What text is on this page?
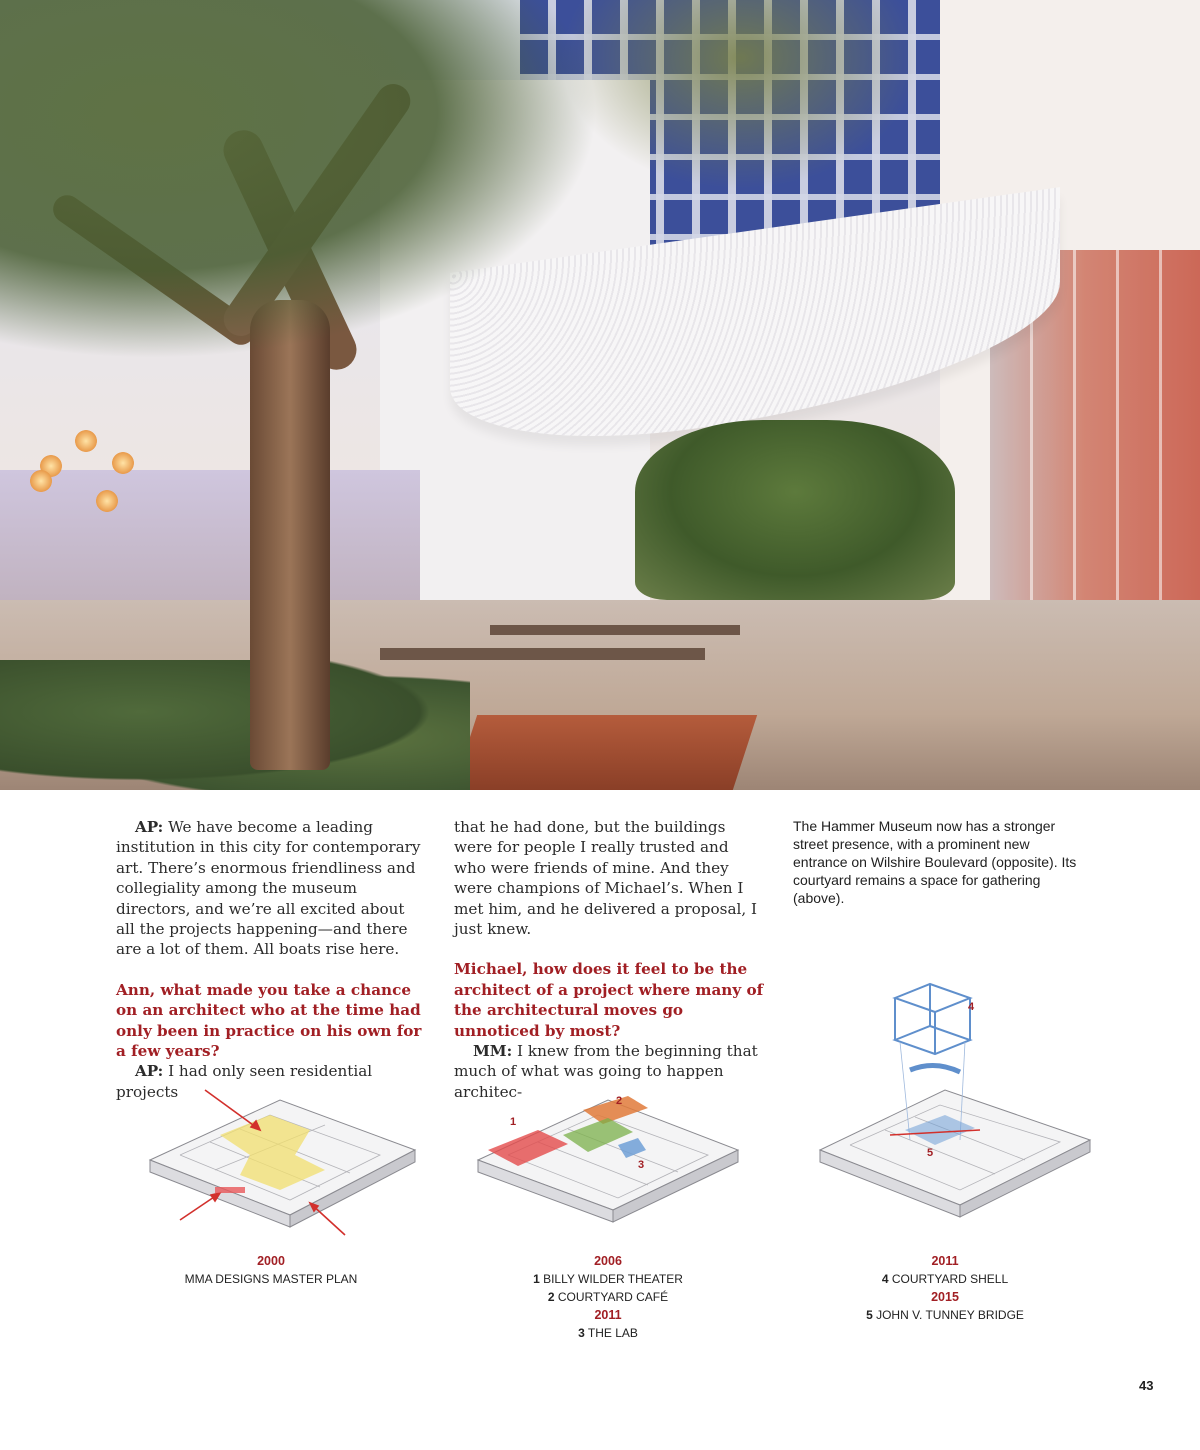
AP: We have become a leading institution in this city for contemporary art. There’s enormous friendliness and collegiality among the museum directors, and we’re all excited about all the projects happening—and there are a lot of them. All boats rise here.

Ann, what made you take a chance on an architect who at the time had only been in practice on his own for a few years?

AP: I had only seen residential projects

that he had done, but the buildings were for people I really trusted and who were friends of mine. And they were champions of Michael’s. When I met him, and he delivered a proposal, I just knew.

Michael, how does it feel to be the architect of a project where many of the architectural moves go unnoticed by most?

MM: I knew from the beginning that much of what was going to happen architec-

The Hammer Museum now has a stronger street presence, with a prominent new entrance on Wilshire Boulevard (opposite). Its courtyard remains a space for gathering (above).
1
2
3
4
5
2000
MMA DESIGNS MASTER PLAN
2006
1 BILLY WILDER THEATER
2 COURTYARD CAFÉ
2011
3 THE LAB
2011
4 COURTYARD SHELL
2015
5 JOHN V. TUNNEY BRIDGE
43
